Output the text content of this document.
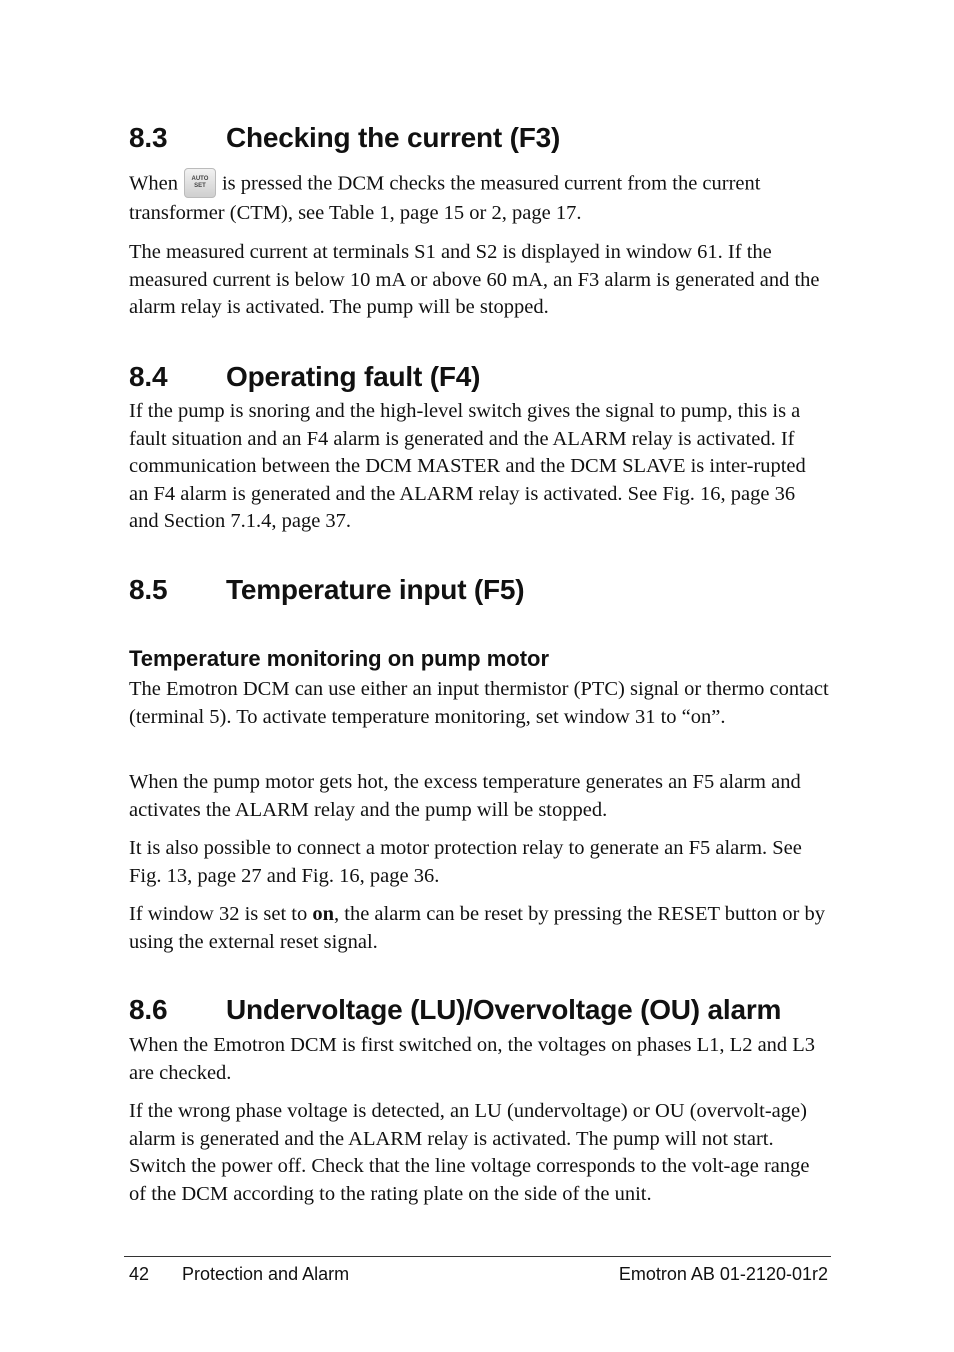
8.3 Checking the current (F3)

When AUTO SET is pressed the DCM checks the measured current from the current transformer (CTM), see Table 1, page 15 or 2, page 17.

The measured current at terminals S1 and S2 is displayed in window 61. If the measured current is below 10 mA or above 60 mA, an F3 alarm is generated and the alarm relay is activated. The pump will be stopped.

8.4 Operating fault (F4)

If the pump is snoring and the high-level switch gives the signal to pump, this is a fault situation and an F4 alarm is generated and the ALARM relay is activated. If communication between the DCM MASTER and the DCM SLAVE is inter-rupted an F4 alarm is generated and the ALARM relay is activated. See Fig. 16, page 36 and Section 7.1.4, page 37.

8.5 Temperature input (F5)
Temperature monitoring on pump motor

The Emotron DCM can use either an input thermistor (PTC) signal or thermo contact (terminal 5). To activate temperature monitoring, set window 31 to “on”.

When the pump motor gets hot, the excess temperature generates an F5 alarm and activates the ALARM relay and the pump will be stopped.

It is also possible to connect a motor protection relay to generate an F5 alarm. See Fig. 13, page 27 and Fig. 16, page 36.

If window 32 is set to on, the alarm can be reset by pressing the RESET button or by using the external reset signal.

8.6 Undervoltage (LU)/Overvoltage (OU) alarm

When the Emotron DCM is first switched on, the voltages on phases L1, L2 and L3 are checked.

If the wrong phase voltage is detected, an LU (undervoltage) or OU (overvolt-age) alarm is generated and the ALARM relay is activated. The pump will not start. Switch the power off. Check that the line voltage corresponds to the volt-age range of the DCM according to the rating plate on the side of the unit.

42 Protection and Alarm	Emotron AB 01-2120-01r2
